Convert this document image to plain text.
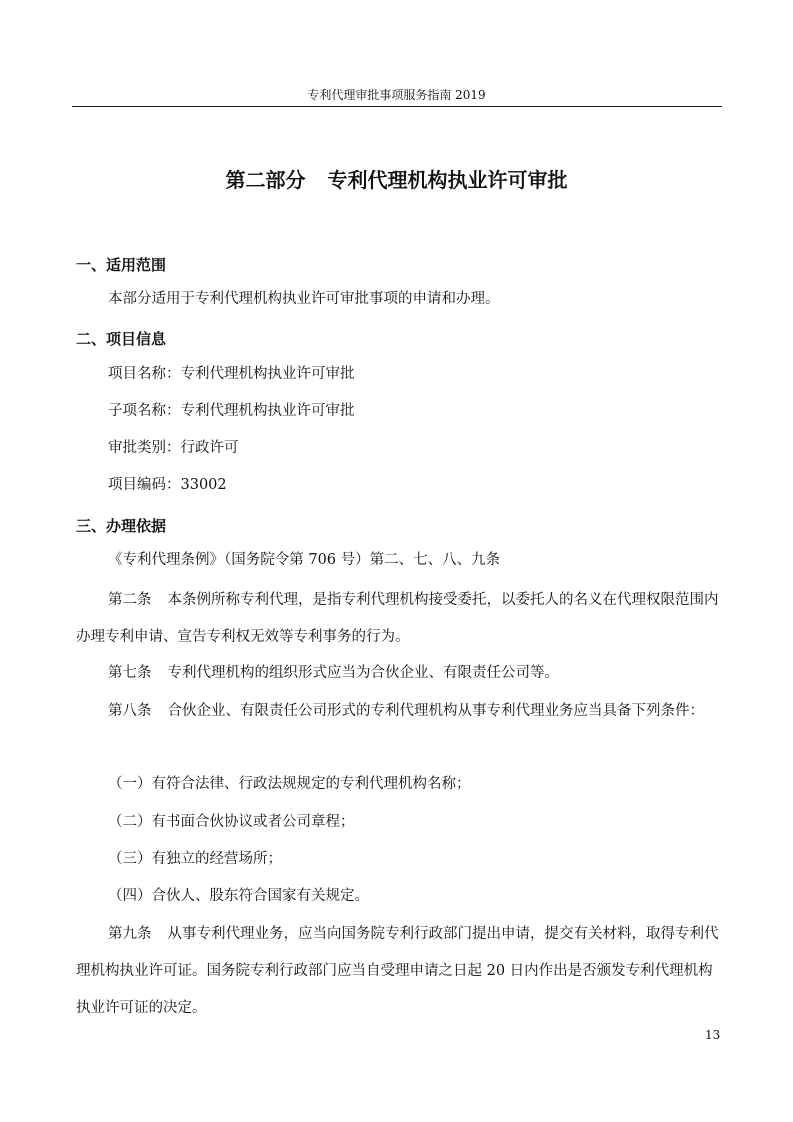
专利代理审批事项服务指南 2019
第二部分 专利代理机构执业许可审批
一、适用范围
本部分适用于专利代理机构执业许可审批事项的申请和办理。
二、项目信息
项目名称：专利代理机构执业许可审批
子项名称：专利代理机构执业许可审批
审批类别：行政许可
项目编码：33002
三、办理依据
《专利代理条例》（国务院令第 706 号）第二、七、八、九条
第二条 本条例所称专利代理，是指专利代理机构接受委托，以委托人的名义在代理权限范围内办理专利申请、宣告专利权无效等专利事务的行为。
第七条 专利代理机构的组织形式应当为合伙企业、有限责任公司等。
第八条 合伙企业、有限责任公司形式的专利代理机构从事专利代理业务应当具备下列条件：
（一）有符合法律、行政法规规定的专利代理机构名称；
（二）有书面合伙协议或者公司章程；
（三）有独立的经营场所；
（四）合伙人、股东符合国家有关规定。
第九条 从事专利代理业务，应当向国务院专利行政部门提出申请，提交有关材料，取得专利代理机构执业许可证。国务院专利行政部门应当自受理申请之日起 20 日内作出是否颁发专利代理机构执业许可证的决定。
13
